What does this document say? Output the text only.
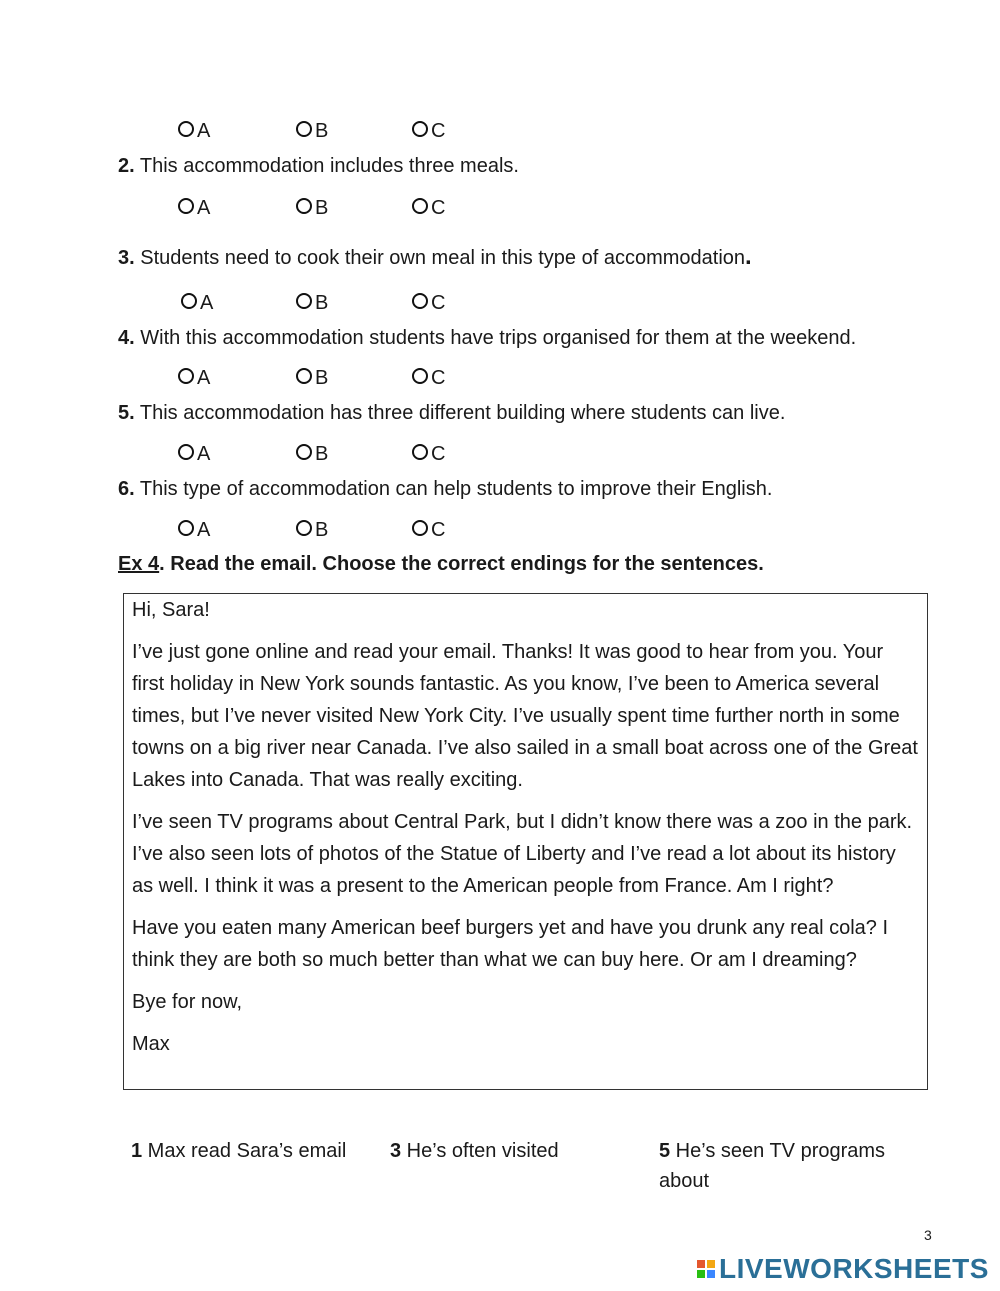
A	B	C
2. This accommodation includes three meals.
A	B	C
3. Students need to cook their own meal in this type of accommodation.
A	B	C
4. With this accommodation students have trips organised for them at the weekend.
A	B	C
5. This accommodation has three different building where students can live.
A	B	C
6. This type of accommodation can help students to improve their English.
A	B	C
Ex 4. Read the email. Choose the correct endings for the sentences.

Hi, Sara!

I’ve just gone online and read your email. Thanks! It was good to hear from you. Your first holiday in New York sounds fantastic. As you know, I’ve been to America several times, but I’ve never visited New York City. I’ve usually spent time further north in some towns on a big river near Canada. I’ve also sailed in a small boat across one of the Great Lakes into Canada. That was really exciting.

I’ve seen TV programs about Central Park, but I didn’t know there was a zoo in the park. I’ve also seen lots of photos of the Statue of Liberty and I’ve read a lot about its history as well. I think it was a present to the American people from France. Am I right?

Have you eaten many American beef burgers yet and have you drunk any real cola? I think they are both so much better than what we can buy here. Or am I dreaming?

Bye for now,

Max

1 Max read Sara’s email	3 He’s often visited	5 He’s seen TV programs about
3
LIVEWORKSHEETS
